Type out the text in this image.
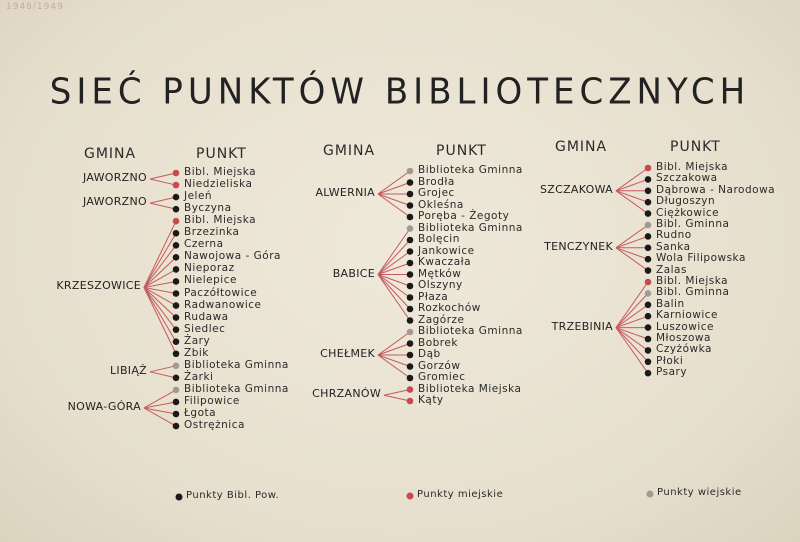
1948/1949
SIEĆ PUNKTÓW BIBLIOTECZNYCH
GMINA	PUNKT
JAWORZNO	Bibl. Miejska
Niedzieliska
JAWORZNO	Jeleń
Byczyna
KRZESZOWICE
Bibl. Miejska
Brzezinka
Czerna
Nawojowa - Góra
Nieporaz
Nielepice
Paczółtowice
Radwanowice
Rudawa
Siedlec
Żary
Zbik
LIBIĄŻ	Biblioteka Gminna
Żarki
NOWA-GÓRA
Biblioteka Gminna
Filipowice
Łgota
Ostrężnica
GMINA	PUNKT
ALWERNIA
Biblioteka Gminna
Brodła
Grojec
Okleśna
Poręba - Żegoty
BABICE
Biblioteka Gminna
Bolęcin
Jankowice
Kwaczała
Mętków
Olszyny
Płaza
Rozkochów
Zagórze
CHEŁMEK
Biblioteka Gminna
Bobrek
Dąb
Gorzów
Gromiec
CHRZANÓW	Biblioteka Miejska
Kąty
GMINA	PUNKT
SZCZAKOWA
Bibl. Miejska
Szczakowa
Dąbrowa - Narodowa
Długoszyn
Ciężkowice
TENCZYNEK
Bibl. Gminna
Rudno
Sanka
Wola Filipowska
Zalas
TRZEBINIA
Bibl. Miejska
Bibl. Gminna
Balin
Karniowice
Luszowice
Młoszowa
Czyżówka
Płoki
Psary
Punkty Bibl. Pow.	Punkty miejskie	Punkty wiejskie
